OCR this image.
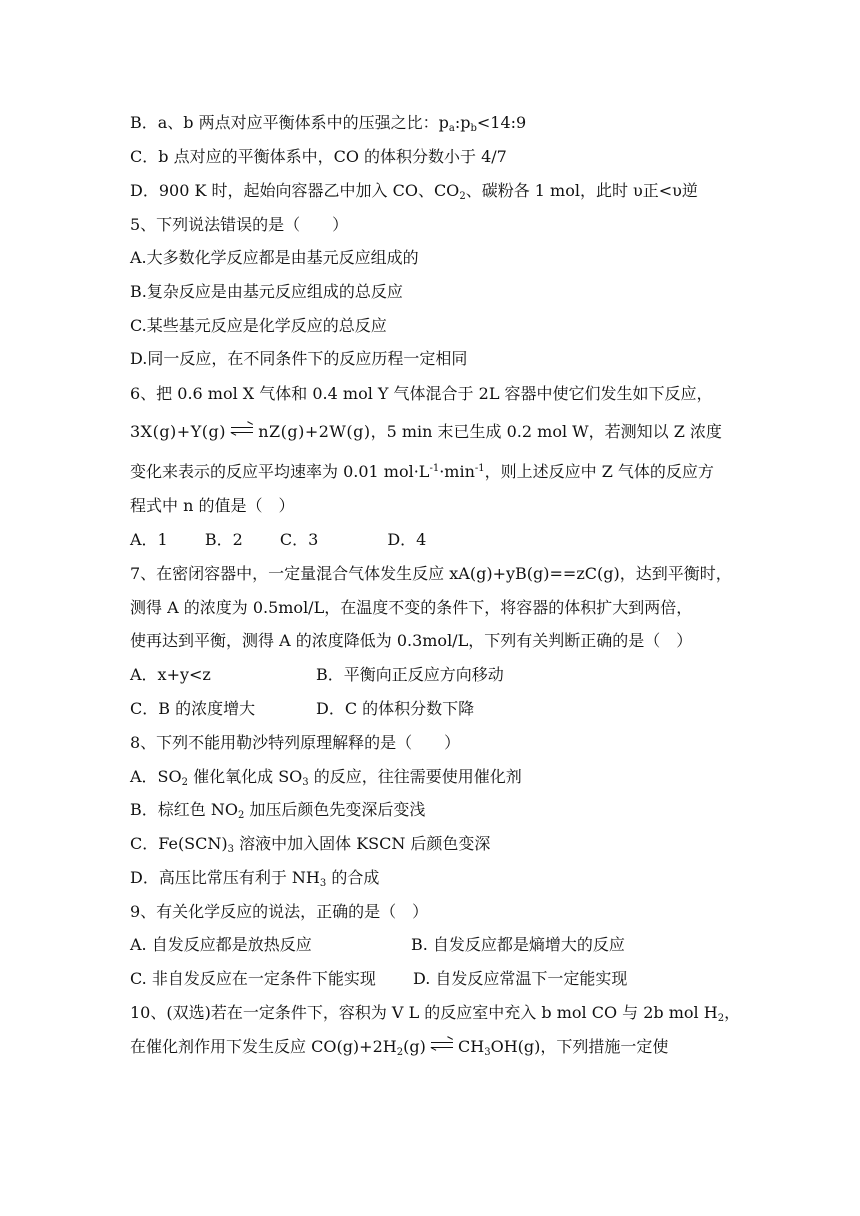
B．a、b 两点对应平衡体系中的压强之比：$p_a:p_b<14:9$
C．b 点对应的平衡体系中，CO 的体积分数小于 4/7
D．900 K 时，起始向容器乙中加入 CO、$CO_2$、碳粉各 1 mol，此时 υ正<υ逆
5、下列说法错误的是（　　）
A.大多数化学反应都是由基元反应组成的
B.复杂反应是由基元反应组成的总反应
C.某些基元反应是化学反应的总反应
D.同一反应，在不同条件下的反应历程一定相同
6、把 0.6 mol X 气体和 0.4 mol Y 气体混合于 2L 容器中使它们发生如下反应，
3X(g)+Y(g) nZ(g)+2W(g)，5 min 末已生成 0.2 mol W，若测知以 Z 浓度
变化来表示的反应平均速率为 0.01 $mol\cdot L^{-1}\cdot\min^{-1}$，则上述反应中 Z 气体的反应方
程式中 n 的值是（　）
A．1　　 B．2　　 C．3　　　　 D．4
7、在密闭容器中，一定量混合气体发生反应 xA(g)+yB(g)==zC(g)，达到平衡时，
测得 A 的浓度为 0.5mol/L，在温度不变的条件下，将容器的体积扩大到两倍，
使再达到平衡，测得 A 的浓度降低为 0.3mol/L，下列有关判断正确的是（　）
A．x+y<z	B．平衡向正反应方向移动
C．B 的浓度增大	D．C 的体积分数下降
8、下列不能用勒沙特列原理解释的是（　　）
A．$SO_2$ 催化氧化成 $SO_3$ 的反应，往往需要使用催化剂
B．棕红色 $NO_2$ 加压后颜色先变深后变浅
C．$Fe(SCN)_3$ 溶液中加入固体 KSCN 后颜色变深
D．高压比常压有利于 $NH_3$ 的合成
9、有关化学反应的说法，正确的是（　）
A. 自发反应都是放热反应	B. 自发反应都是熵增大的反应
C. 非自发反应在一定条件下能实现 D. 自发反应常温下一定能实现
10、(双选)若在一定条件下，容积为 V L 的反应室中充入 b mol CO 与 2b mol $H_2$，
在催化剂作用下发生反应 $CO(g)+2H_2(g)$ $CH_3OH(g)$，下列措施一定使
